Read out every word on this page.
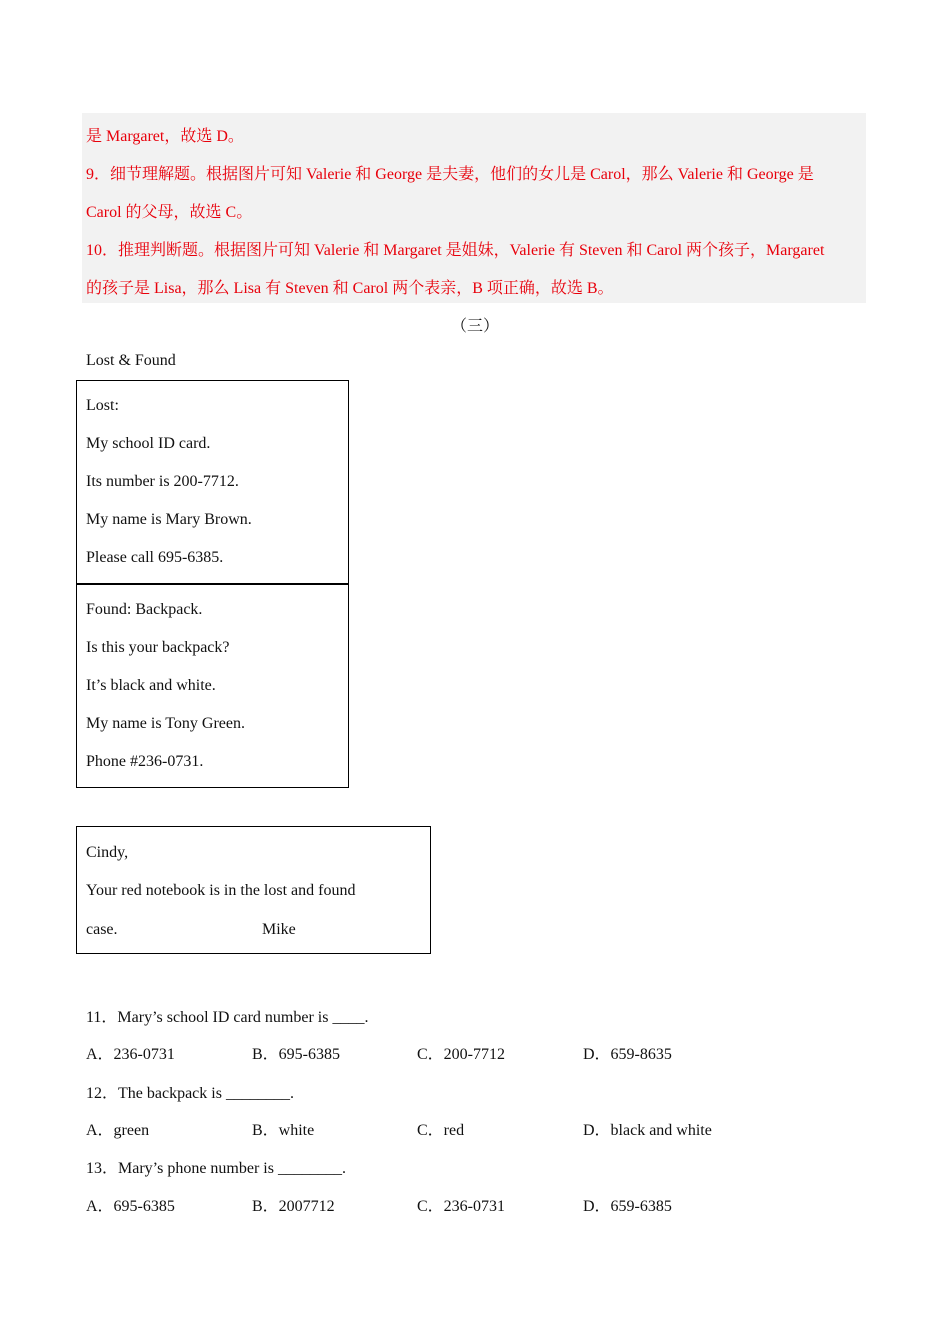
是 Margaret，故选 D。
9．细节理解题。根据图片可知 Valerie 和 George 是夫妻，他们的女儿是 Carol，那么 Valerie 和 George 是
Carol 的父母，故选 C。
10．推理判断题。根据图片可知 Valerie 和 Margaret 是姐妹，Valerie 有 Steven 和 Carol 两个孩子，Margaret
的孩子是 Lisa，那么 Lisa 有 Steven 和 Carol 两个表亲，B 项正确，故选 B。
（三）
Lost & Found
Lost:
My school ID card.
Its number is 200-7712.
My name is Mary Brown.
Please call 695-6385.
Found: Backpack.
Is this your backpack?
It’s black and white.
My name is Tony Green.
Phone #236-0731.
Cindy,
Your red notebook is in the lost and found
case.	Mike
11．Mary’s school ID card number is ____.
A．236-0731	B．695-6385	C．200-7712	D．659-8635
12．The backpack is ________.
A．green	B．white	C．red	D．black and white
13．Mary’s phone number is ________.
A．695-6385	B．2007712	C．236-0731	D．659-6385
